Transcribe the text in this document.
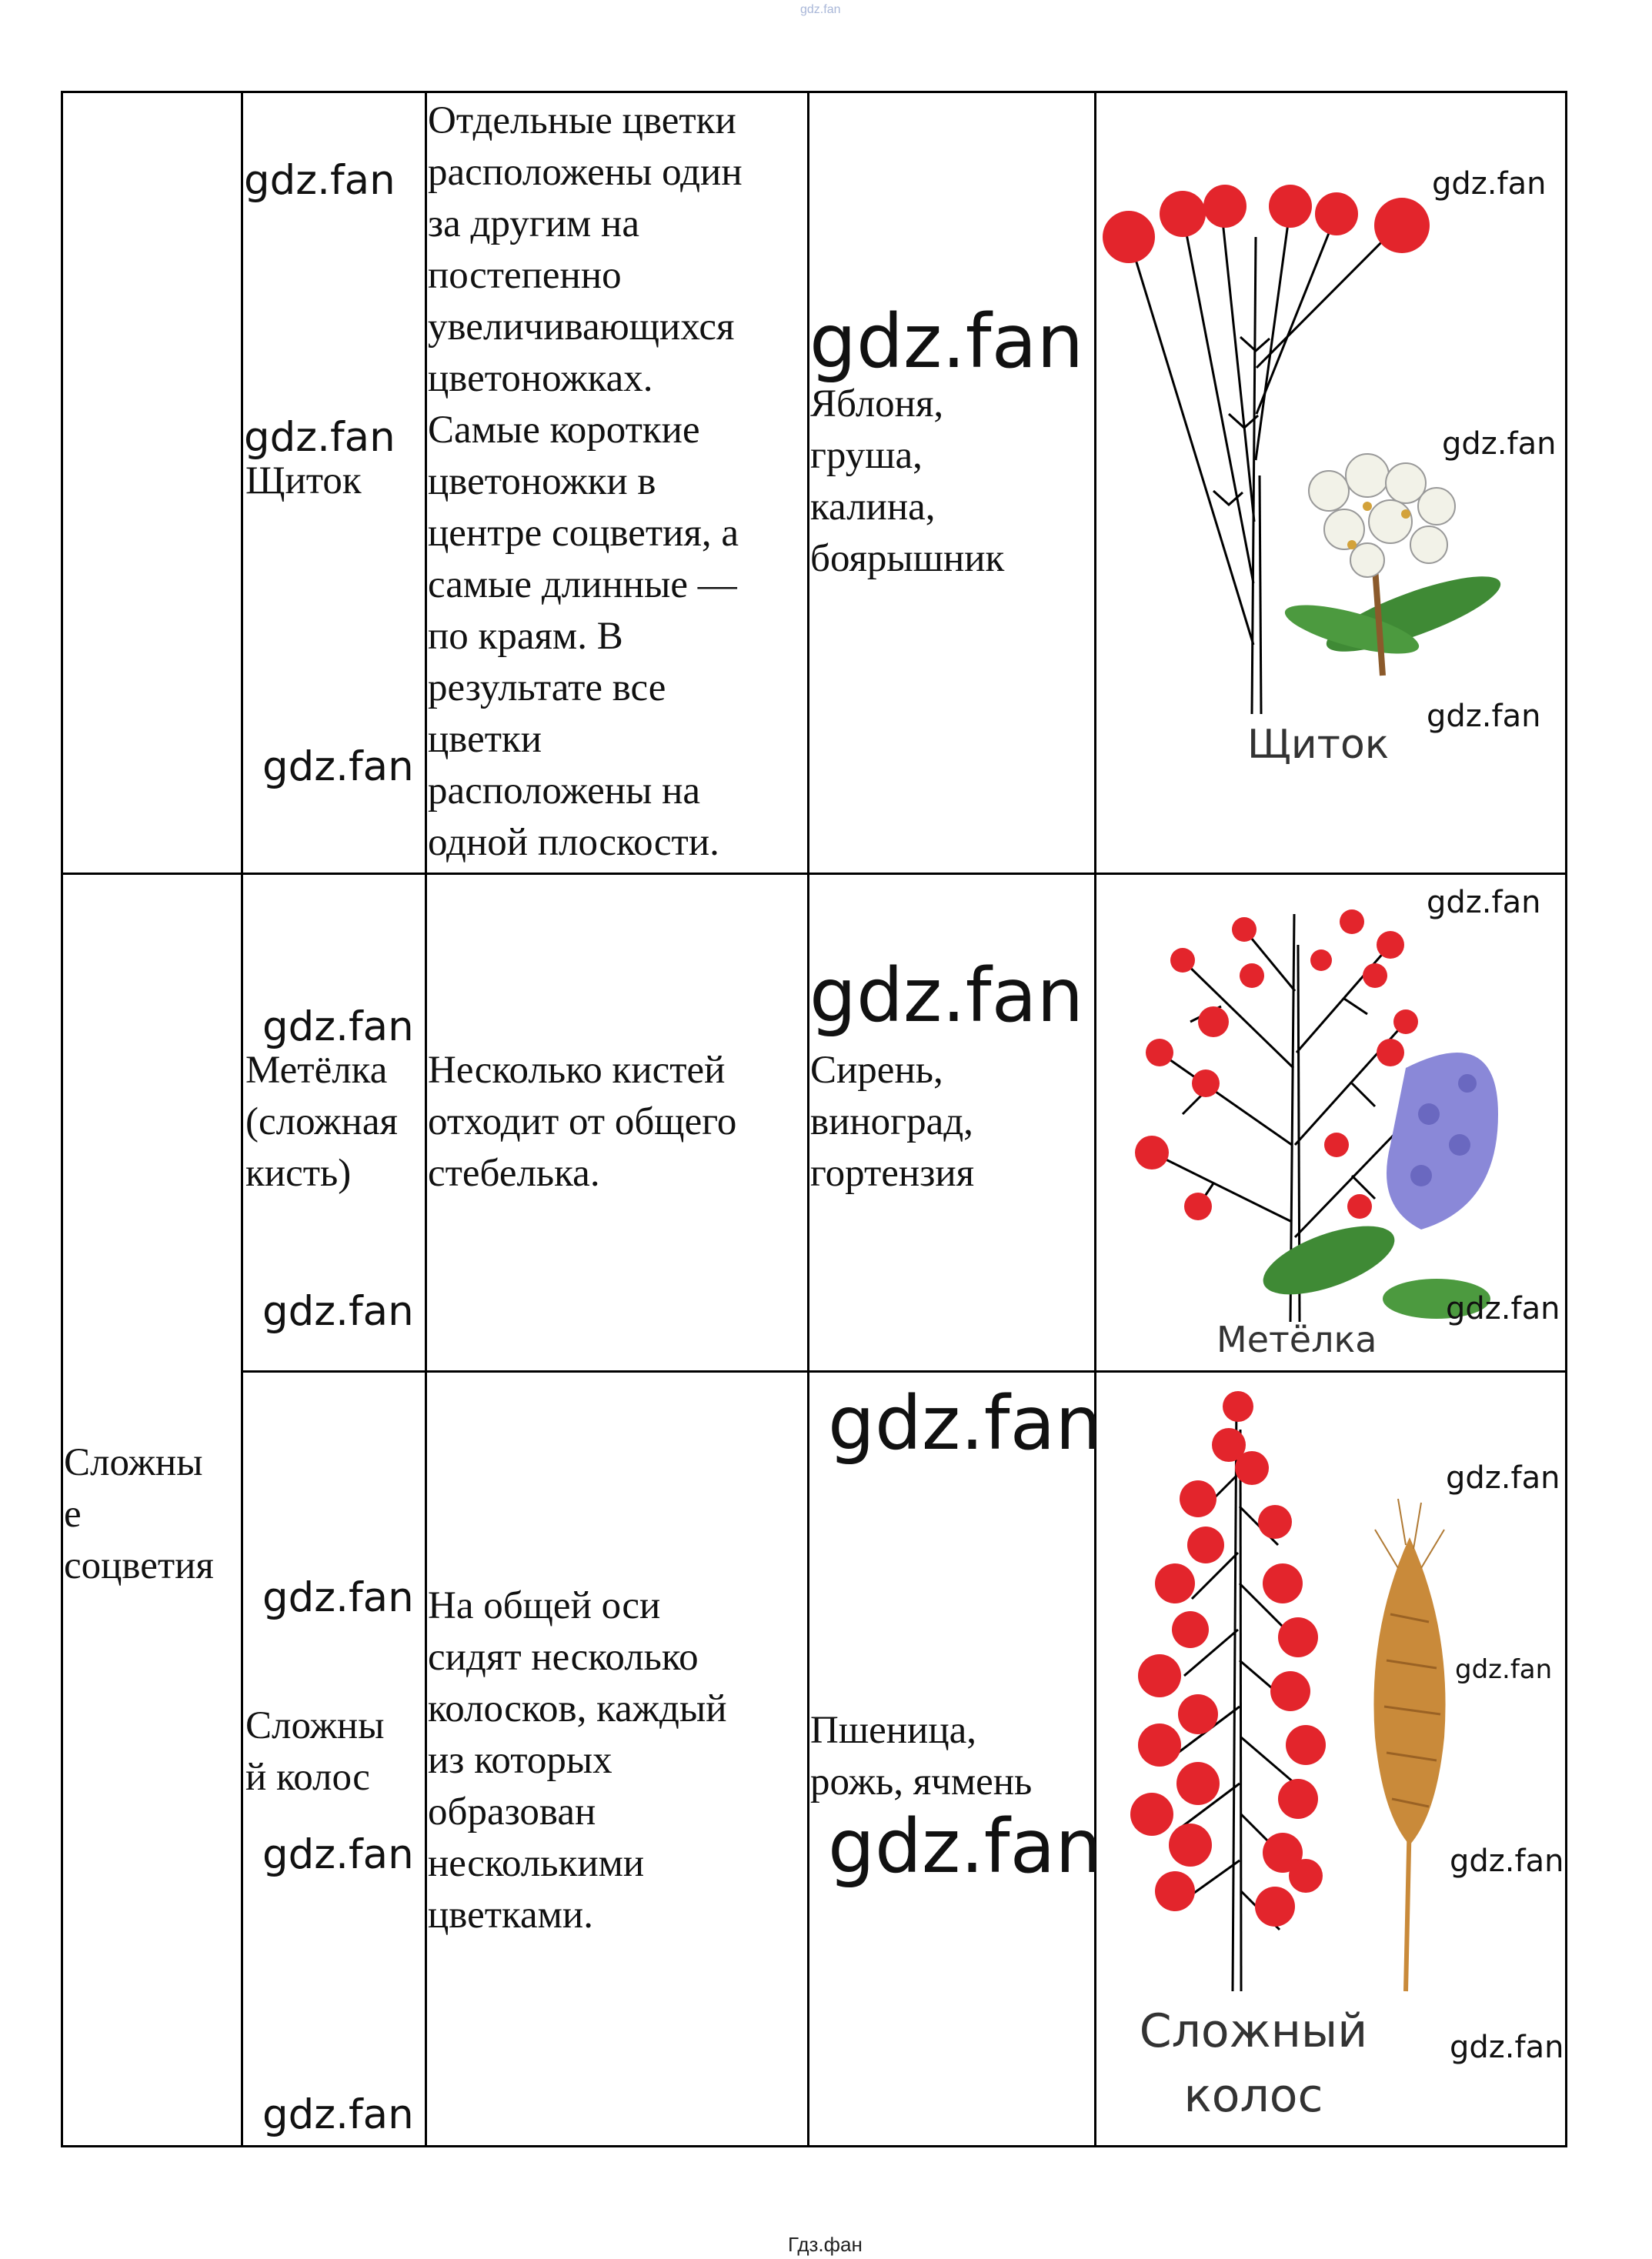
gdz.fan
gdz.fan
gdz.fan
Щиток
gdz.fan
Отдельные цветки
расположены один
за другим на
постепенно
увеличивающихся
цветоножках.
Самые короткие
цветоножки в
центре соцветия, а
самые длинные —
по краям. В
результате все
цветки
расположены на
одной плоскости.
gdz.fan
Яблоня,
груша,
калина,
боярышник
Щиток
gdz.fan
gdz.fan
gdz.fan
gdz.fan
Метёлка
(сложная
кисть)
gdz.fan
Несколько кистей
отходит от общего
стебелька.
gdz.fan
Сирень,
виноград,
гортензия
Метёлка
gdz.fan
gdz.fan
Сложны
е
соцветия
gdz.fan
Сложны
й колос
gdz.fan
gdz.fan
На общей оси
сидят несколько
колосков, каждый
из которых
образован
несколькими
цветками.
gdz.fan
Пшеница,
рожь, ячмень
gdz.fan
Сложный
колос
gdz.fan
gdz.fan
gdz.fan
gdz.fan
Гдз.фан
